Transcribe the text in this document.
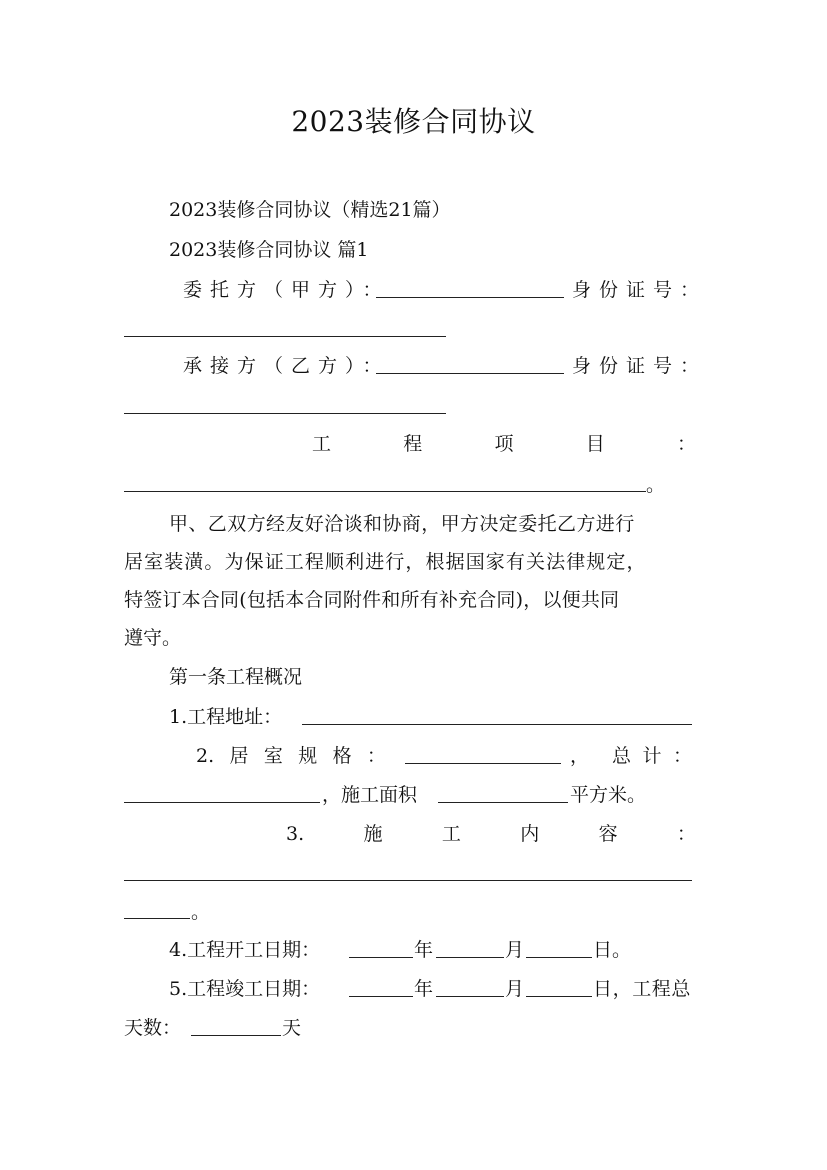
2023装修合同协议
2023装修合同协议（精选21篇）
2023装修合同协议 篇1
委托方（甲方）：	身份证号：
承接方（乙方）：	身份证号：
工	程	项	目	：
。
甲、乙双方经友好洽谈和协商，甲方决定委托乙方进行
居室装潢。为保证工程顺利进行，根据国家有关法律规定，
特签订本合同(包括本合同附件和所有补充合同)，以便共同
遵守。
第一条工程概况
1.工程地址：
2. 居 室 规 格 ：	， 总 计 ：
，施工面积	平方米。
3.	施	工	内	容	：
。
4.工程开工日期：	年	月	日。
5.工程竣工日期：	年	月	日，工程总
天数：	天
